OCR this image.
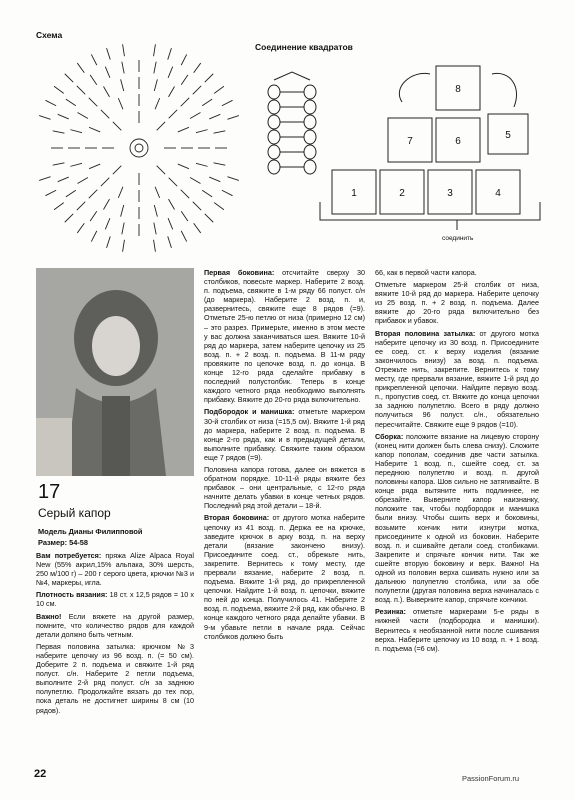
Схема
Соединение квадратов
1	2	3	4
5
6
7
8
соединить
17
Серый капор
Модель Дианы Филипповой
Размер: 54-58

Вам потребуется: пряжа Alize Alpaca Royal New (55% акрил,15% альпака, 30% шерсть, 250 м/100 г) – 200 г серого цвета, крючки №3 и №4, маркеры, игла.

Плотность вязания: 18 ст. х 12,5 рядов = 10 х 10 см.

Важно! Если вяжете на другой размер, помните, что количество рядов для каждой детали должно быть четным.

Первая половина затылка: крючком №3 наберите цепочку из 96 возд. п. (= 50 см). Доберите 2 п. подъема и свяжите 1-й ряд полуст. с/н. Наберите 2 петли подъема, выполните 2-й ряд полуст. с/н за заднюю полупетлю. Продолжайте вязать до тех пор, пока деталь не достигнет ширины 8 см (10 рядов).

Первая боковина: отсчитайте сверху 30 столбиков, повесьте маркер. Наберите 2 возд. п. подъема, свяжите в 1-м ряду 66 полуст. с/н (до маркера). Наберите 2 возд. п. и, развернитесь, свяжите еще 8 рядов (=9). Отметьте 25-ю петлю от низа (примерно 12 см) – это разрез. Примерьте, именно в этом месте у вас должна заканчиваться шея. Вяжите 10-й ряд до маркера, затем наберите цепочку из 25 возд. п. + 2 возд. п. подъема. В 11-м ряду провяжите по цепочке возд. п. до конца. В конце 12-го ряда сделайте прибавку в последний полустолбик. Теперь в конце каждого четного ряда необходимо выполнять прибавку. Вяжите до 20-го ряда включительно.

Подбородок и манишка: отметьте маркером 30-й столбик от низа (=15,5 см). Вяжите 1-й ряд до маркера, наберите 2 возд. п. подъема. В конце 2-го ряда, как и в предыдущей детали, выполните прибавку. Свяжите таким образом еще 7 рядов (=9).

Половина капора готова, далее он вяжется в обратном порядке. 10-11-й ряды вяжите без прибавок – они центральные, с 12-го ряда начните делать убавки в конце четных рядов. Последний ряд этой детали – 18-й.

Вторая боковина: от другого мотка наберите цепочку из 41 возд. п. Держа ее на крючке, заведите крючок в арку возд. п. на верху детали (вязание закончено внизу). Присоедините соед. ст., обрежьте нить, закрепите. Вернитесь к тому месту, где прервали вязание, наберите 2 возд. п. подъема. Вяжите 1-й ряд, до прикрепленной цепочки. Найдите 1-й возд. п. цепочки, вяжите по ней до конца. Получилось 41. Наберите 2 возд. п. подъема, вяжите 2-й ряд, как обычно. В конце каждого четного ряда делайте убавки. В 9-м убавьте петли в начале ряда. Сейчас столбиков должно быть

66, как в первой части капора.

Отметьте маркером 25-й столбик от низа, вяжите 10-й ряд до маркера. Наберите цепочку из 25 возд. п. + 2 возд. п. подъема. Далее вяжите до 20-го ряда включительно без прибавок и убавок.

Вторая половина затылка: от другого мотка наберите цепочку из 30 возд. п. Присоедините ее соед. ст. к верху изделия (вязание закончилось внизу) за возд. п. подъема. Отрежьте нить, закрепите. Вернитесь к тому месту, где прервали вязание, вяжите 1-й ряд до прикрепленной цепочки. Найдите первую возд. п., пропустив соед. ст. Вяжите до конца цепочки за заднюю полупетлю. Всего в ряду должно получиться 96 полуст. с/н., обязательно пересчитайте. Свяжите еще 9 рядов (=10).

Сборка: положите вязание на лицевую сторону (конец нити должен быть слева снизу). Сложите капор пополам, соединив две части затылка. Наберите 1 возд. п., сшейте соед. ст. за переднюю полупетлю и возд. п. другой половины капора. Шов сильно не затягивайте. В конце ряда вытяните нить подлиннее, не обрезайте. Выверните капор наизнанку, положите так, чтобы подбородок и манишка были внизу. Чтобы сшить верх и боковины, возьмите кончик нити изнутри мотка, присоедините к одной из боковин. Наберите возд. п. и сшивайте детали соед. столбиками. Закрепите и спрячьте кончик нити. Так же сшейте вторую боковину и верх. Важно! На одной из половин верха сшивать нужно или за дальнюю полупетлю столбика, или за обе полупетли (другая половина верха начиналась с возд. п.). Выверните капор, спрячьте кончики.

Резинка: отметьте маркерами 5-е ряды в нижней части (подбородка и манишки). Вернитесь к необязанной нити после сшивания верха. Наберите цепочку из 10 возд. п. + 1 возд. п. подъема (=6 см).

22	PassionForum.ru
